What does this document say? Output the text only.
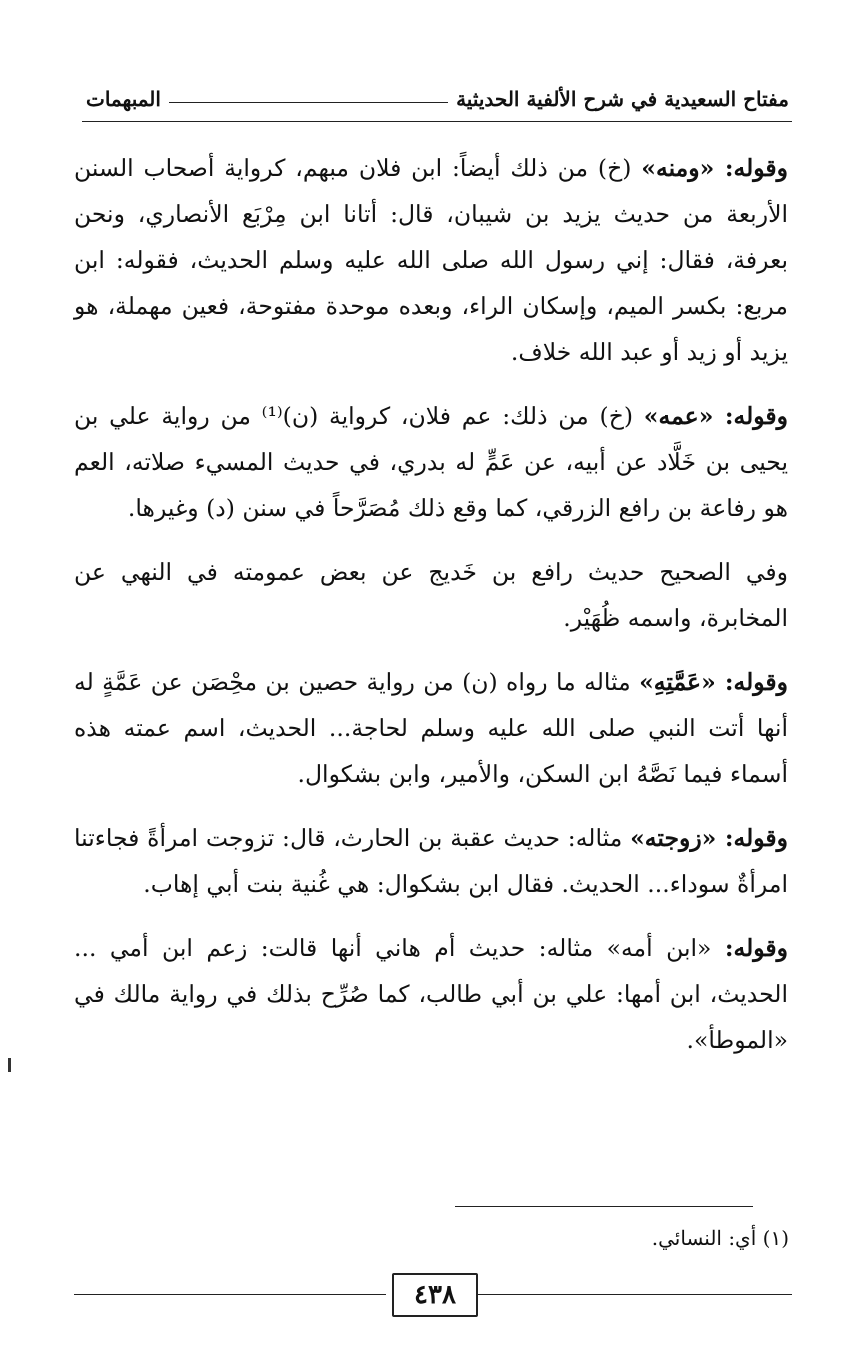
مفتاح السعيدية في شرح الألفية الحديثية
المبهمات

وقوله: «ومنه» (خ) من ذلك أيضاً: ابن فلان مبهم، كرواية أصحاب السنن الأربعة من حديث يزيد بن شيبان، قال: أتانا ابن مِرْبَع الأنصاري، ونحن بعرفة، فقال: إني رسول الله صلى الله عليه وسلم الحديث، فقوله: ابن مربع: بكسر الميم، وإسكان الراء، وبعده موحدة مفتوحة، فعين مهملة، هو يزيد أو زيد أو عبد الله خلاف.

وقوله: «عمه» (خ) من ذلك: عم فلان، كرواية (ن)⁽¹⁾ من رواية علي بن يحيى بن خَلَّاد عن أبيه، عن عَمٍّ له بدري، في حديث المسيء صلاته، العم هو رفاعة بن رافع الزرقي، كما وقع ذلك مُصَرَّحاً في سنن (د) وغيرها.

وفي الصحيح حديث رافع بن خَديج عن بعض عمومته في النهي عن المخابرة، واسمه ظُهَيْر.

وقوله: «عَمَّتِهِ» مثاله ما رواه (ن) من رواية حصين بن محِْصَن عن عَمَّةٍ له أنها أتت النبي صلى الله عليه وسلم لحاجة... الحديث، اسم عمته هذه أسماء فيما نَصَّهُ ابن السكن، والأمير، وابن بشكوال.

وقوله: «زوجته» مثاله: حديث عقبة بن الحارث، قال: تزوجت امرأةً فجاءتنا امرأةٌ سوداء... الحديث. فقال ابن بشكوال: هي غُنية بنت أبي إهاب.

وقوله: «ابن أمه» مثاله: حديث أم هاني أنها قالت: زعم ابن أمي ... الحديث، ابن أمها: علي بن أبي طالب، كما صُرِّح بذلك في رواية مالك في «الموطأ».

(١) أي: النسائي.
٤٣٨
